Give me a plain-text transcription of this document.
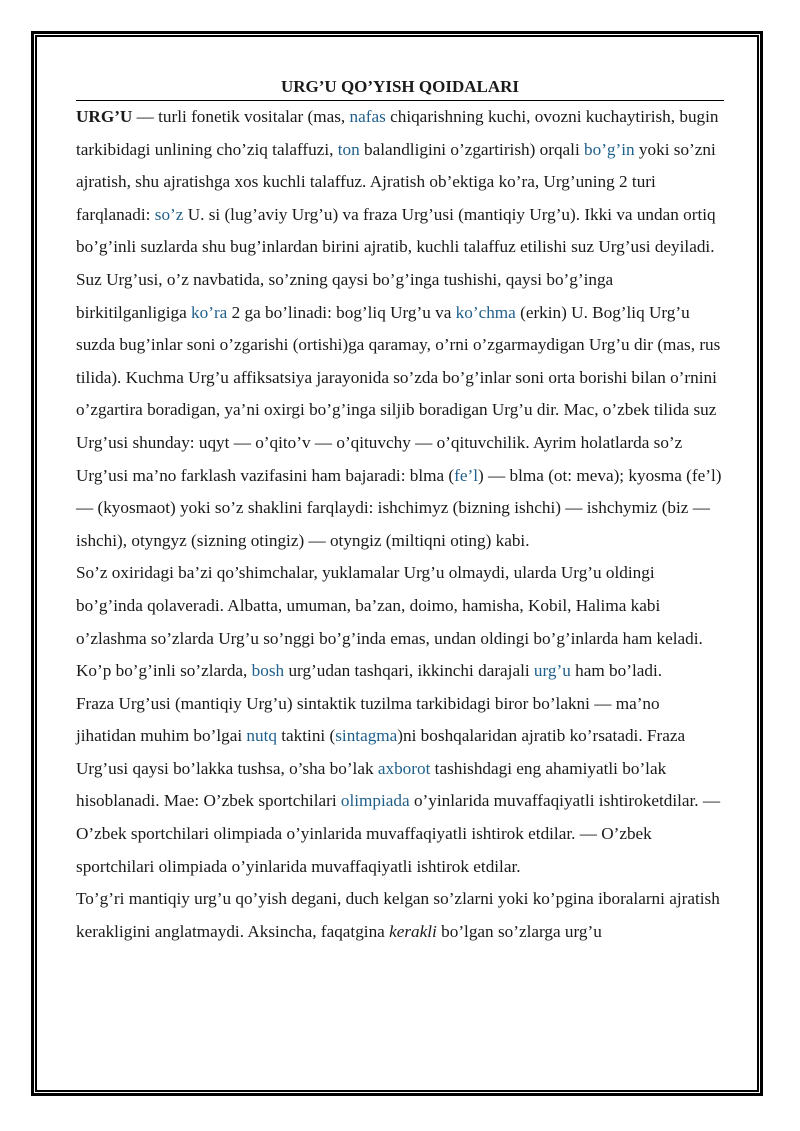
URG’U QO’YISH QOIDALARI

URG’U — turli fonetik vositalar (mas, nafas chiqarishning kuchi, ovozni kuchaytirish, bugin tarkibidagi unlining cho’ziq talaffuzi, ton balandligini o’zgartirish) orqali bo’g’in yoki so’zni ajratish, shu ajratishga xos kuchli talaffuz. Ajratish ob’ektiga ko’ra, Urg’uning 2 turi farqlanadi: so’z U. si (lug’aviy Urg’u) va fraza Urg’usi (mantiqiy Urg’u). Ikki va undan ortiq bo’g’inli suzlarda shu bug’inlardan birini ajratib, kuchli talaffuz etilishi suz Urg’usi deyiladi. Suz Urg’usi, o’z navbatida, so’zning qaysi bo’g’inga tushishi, qaysi bo’g’inga birkitilganligiga ko’ra 2 ga bo’linadi: bog’liq Urg’u va ko’chma (erkin) U. Bog’liq Urg’u suzda bug’inlar soni o’zgarishi (ortishi)ga qaramay, o’rni o’zgarmaydigan Urg’u dir (mas, rus tilida). Kuchma Urg’u affiksatsiya jarayonida so’zda bo’g’inlar soni orta borishi bilan o’rnini o’zgartira boradigan, ya’ni oxirgi bo’g’inga siljib boradigan Urg’u dir. Mac, o’zbek tilida suz Urg’usi shunday: uqyt — o’qito’v — o’qituvchy — o’qituvchilik. Ayrim holatlarda so’z Urg’usi ma’no farklash vazifasini ham bajaradi: blma (fe’l) — blma (ot: meva); kyosma (fe’l) — (kyosmaot) yoki so’z shaklini farqlaydi: ishchimyz (bizning ishchi) — ishchymiz (biz — ishchi), otyngyz (sizning otingiz) — otyngiz (miltiqni oting) kabi.

So’z oxiridagi ba’zi qo’shimchalar, yuklamalar Urg’u olmaydi, ularda Urg’u oldingi bo’g’inda qolaveradi. Albatta, umuman, ba’zan, doimo, hamisha, Kobil, Halima kabi o’zlashma so’zlarda Urg’u so’nggi bo’g’inda emas, undan oldingi bo’g’inlarda ham keladi. Ko’p bo’g’inli so’zlarda, bosh urg’udan tashqari, ikkinchi darajali urg’u ham bo’ladi.

Fraza Urg’usi (mantiqiy Urg’u) sintaktik tuzilma tarkibidagi biror bo’lakni — ma’no jihatidan muhim bo’lgai nutq taktini (sintagma)ni boshqalaridan ajratib ko’rsatadi. Fraza Urg’usi qaysi bo’lakka tushsa, o’sha bo’lak axborot tashishdagi eng ahamiyatli bo’lak hisoblanadi. Mae: O’zbek sportchilari olimpiada o’yinlarida muvaffaqiyatli ishtiroketdilar. — O’zbek sportchilari olimpiada o’yinlarida muvaffaqiyatli ishtirok etdilar. — O’zbek sportchilari olimpiada o’yinlarida muvaffaqiyatli ishtirok etdilar.

To’g’ri mantiqiy urg’u qo’yish degani, duch kelgan so’zlarni yoki ko’pgina iboralarni ajratish kerakligini anglatmaydi. Aksincha, faqatgina kerakli bo’lgan so’zlarga urg’u
